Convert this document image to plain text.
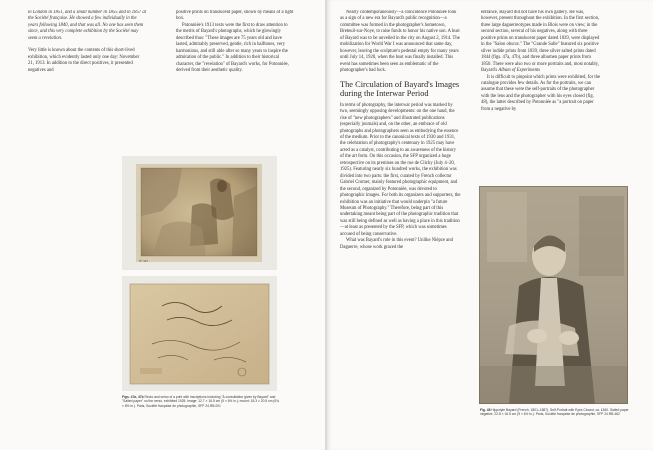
in London in 1851, and a small number in 1855 and in 1857 at the Société française. He showed a few individually in the years following 1840, and that was all. No one has seen them since, and this very complete exhibition by the Société may seem a revelation.

Very little is known about the contents of this short-lived exhibition, which evidently lasted only one day: November 21, 1913. In addition to the direct positives, it presented negatives and

positive prints on translucent paper, shown by means of a light box.

Potonniée's 1913 texts were the first to draw attention to the merits of Bayard's photographs, which he glowingly described thus: "These images are 75 years old and have lasted, admirably preserved, gentle, rich in halftones, very harmonious, and still able after so many years to inspire the admiration of the public." In addition to their historical character, the "revelation" of Bayard's works, for Potonniée, derived from their aesthetic quality.

Nº 447
Figs. 47a, 47b Recto and verso of a print with inscriptions including "À consultation given by Bayard" and "Salted paper" on the verso, exhibited 1925. Image: 12.7 × 16.5 cm (5 × 6½ in.); mount: 18.3 × 20.5 cm (6¾ × 8½ in.). Paris, Société française de photographie, SFP 24.RB.001

Nearly contemporaneously—a coincidence Potonniée took as a sign of a new era for Bayard's public recognition—a committee was formed in the photographer's hometown, Breteuil-sur-Noye, to raise funds to honor his native son. A bust of Bayard was to be unveiled in the city on August 2, 1914. The mobilization for World War I was announced that same day, however, leaving the sculpture's pedestal empty for many years until July 14, 1920, when the bust was finally installed. This event has sometimes been seen as emblematic of the photographer's bad luck.

The Circulation of Bayard's Images during the Interwar Period

In terms of photography, the interwar period was marked by two, seemingly opposing developments: on the one hand, the rise of "new photographers" and illustrated publications (especially journals) and, on the other, an embrace of old photographs and photographers seen as embodying the essence of the medium. Prior to the canonical texts of 1930 and 1931, the celebration of photography's centenary in 1925 may have acted as a catalyst, contributing to an awareness of the history of the art form. On this occasion, the SFP organized a huge retrospective on its premises on the rue de Clichy (July 4–20, 1925). Featuring nearly six hundred works, the exhibition was divided into two parts: the first, curated by French collector Gabriel Cromer, mainly featured photographic equipment, and the second, organized by Potonniée, was devoted to photographic images. For both its organizers and supporters, the exhibition was an initiative that would underpin "a future Museum of Photography." Therefore, being part of this undertaking meant being part of the photographic tradition that was still being defined as well as having a place in this tradition—at least as presented by the SFP, which was sometimes accused of being conservative.

What was Bayard's role in this event? Unlike Niépce and Daguerre, whose work graced the

entrance, Bayard did not have his own gallery. He was, however, present throughout the exhibition. In the first section, three large daguerreotypes made in Blois were on view; in the second section, several of his negatives, along with three positive prints on translucent paper dated 1839, were displayed in the "Salon obscur." The "Grande Salle" featured six positive silver iodide prints from 1839, three silver salted prints dated 1844 (figs. 47a, 47b), and three albumen paper prints from 1850. There were also two or more portraits and, most notably, Bayard's Album of Experiments

It is difficult to pinpoint which prints were exhibited, for the catalogue provides few details. As for the portraits, we can assume that these were the self-portraits of the photographer with the lens and the photographer with his eyes closed (fig. 48), the latter described by Potonniée as "a portrait on paper from a negative by

Fig. 48 Hippolyte Bayard (French, 1801–1887), Self-Portrait with Eyes Closed, ca. 1840. Salted paper negative, 22.8 × 16.5 cm (9 × 6½ in.). Paris, Société française de photographie, SFP 24.RB.482
